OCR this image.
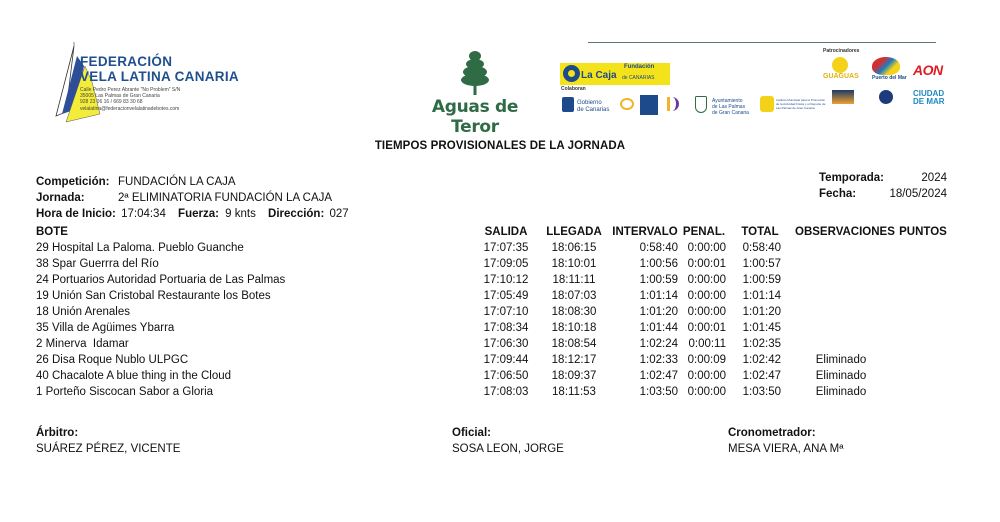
FEDERACIÓN
VELA LATINA CANARIA
Calle Pedro Perez Abrante "No Problem" S/N
35005 Las Palmas de Gran Canaria
928 23 06 16 / 669 83 30 68
velalatina@federacionvelalatinadebotes.com	Aguas de Teror
La Caja
Fundación
de CANARIAS
Colaboran
Patrocinadores
Gobierno
de Canarias
Ayuntamiento
de Las Palmas
de Gran Canaria
Instituto Municipal para la Promoción de la Actividad Física y el Deporte de Las Palmas de Gran Canaria
GUAGUAS	Puerto del Mar AON
CIUDAD
DE MAR
TIEMPOS PROVISIONALES DE LA JORNADA
Competición: FUNDACIÓN LA CAJA
Jornada:	2ª ELIMINATORIA FUNDACIÓN LA CAJA
Hora de Inicio: 17:04:34 Fuerza: 9 knts Dirección: 027
Temporada:	2024
Fecha:	18/05/2024
BOTE	SALIDA	LLEGADA INTERVALO PENAL.	TOTAL	OBSERVACIONES PUNTOS
29 Hospital La Paloma. Pueblo Guanche	17:07:35	18:06:15	0:58:40 0:00:00	0:58:40
38 Spar Guerrra del Río	17:09:05	18:10:01	1:00:56 0:00:01	1:00:57
24 Portuarios Autoridad Portuaria de Las Palmas	17:10:12	18:11:11	1:00:59 0:00:00	1:00:59
19 Unión San Cristobal Restaurante los Botes	17:05:49	18:07:03	1:01:14 0:00:00	1:01:14
18 Unión Arenales	17:07:10	18:08:30	1:01:20 0:00:00	1:01:20
35 Villa de Agüimes Ybarra	17:08:34	18:10:18	1:01:44 0:00:01	1:01:45
2 Minerva  Idamar	17:06:30	18:08:54	1:02:24 0:00:11	1:02:35
26 Disa Roque Nublo ULPGC	17:09:44	18:12:17	1:02:33 0:00:09	1:02:42	Eliminado
40 Chacalote A blue thing in the Cloud	17:06:50	18:09:37	1:02:47 0:00:00	1:02:47	Eliminado
1 Porteño Siscocan Sabor a Gloria	17:08:03	18:11:53	1:03:50 0:00:00	1:03:50	Eliminado
Árbitro:
SUÁREZ PÉREZ, VICENTE
Oficial:
SOSA LEON, JORGE
Cronometrador:
MESA VIERA, ANA Mª
